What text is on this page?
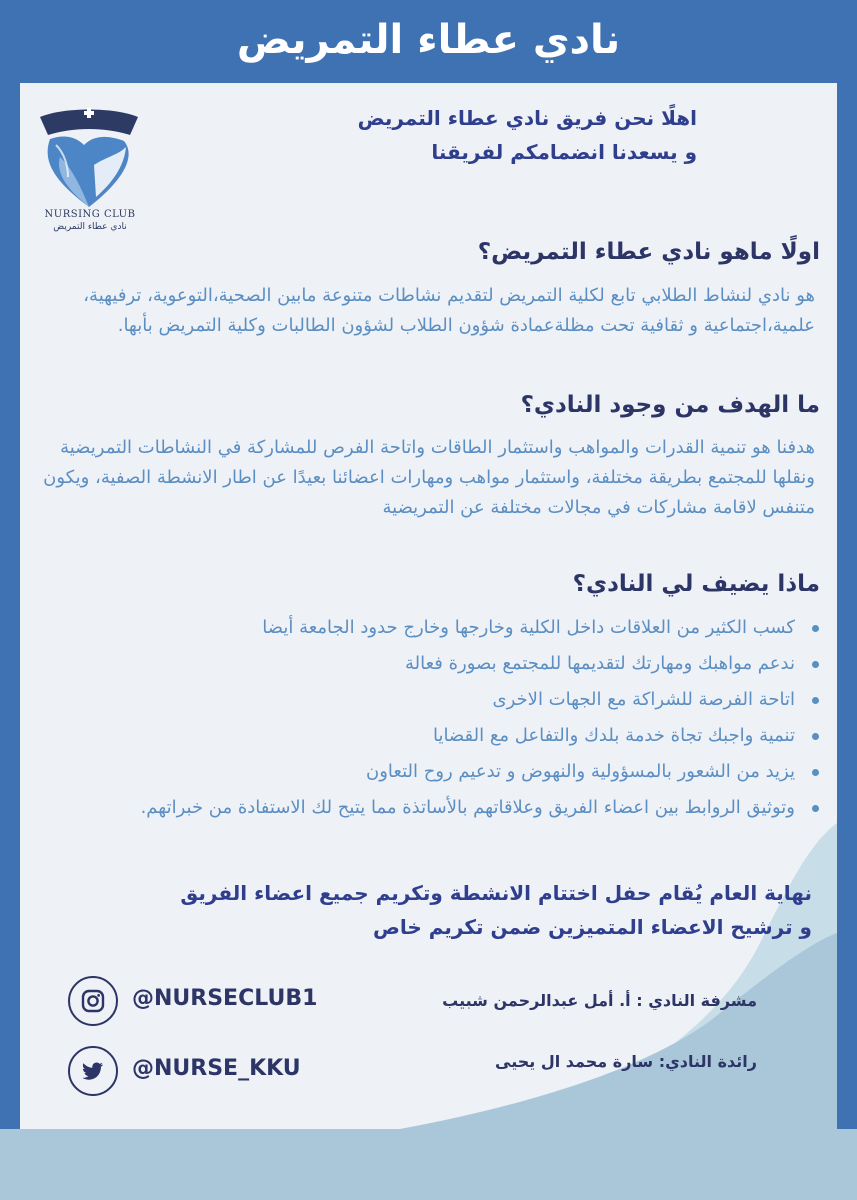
نادي عطاء التمريض
NURSING CLUB
نادي عطاء التمريض
اهلًا نحن فريق نادي عطاء التمريض
و يسعدنا انضمامكم لفريقنا
اولًا ماهو نادي عطاء التمريض؟
هو نادي لنشاط الطلابي تابع لكلية التمريض لتقديم نشاطات متنوعة مابين الصحية،التوعوية، ترفيهية، علمية،اجتماعية و ثقافية تحت مظلةعمادة شؤون الطلاب لشؤون الطالبات وكلية التمريض بأبها.
ما الهدف من وجود النادي؟
هدفنا هو تنمية القدرات والمواهب واستثمار الطاقات واتاحة الفرص للمشاركة في النشاطات التمريضية ونقلها للمجتمع بطريقة مختلفة، واستثمار مواهب ومهارات اعضائنا بعيدًا عن اطار الانشطة الصفية، ويكون متنفس لاقامة مشاركات في مجالات مختلفة عن التمريضية
ماذا يضيف لي النادي؟
كسب الكثير من العلاقات داخل الكلية وخارجها وخارج حدود الجامعة أيضا
ندعم مواهبك ومهارتك لتقديمها للمجتمع بصورة فعالة
اتاحة الفرصة للشراكة مع الجهات الاخرى
تنمية واجبك تجاة خدمة بلدك والتفاعل مع القضايا
يزيد من الشعور بالمسؤولية والنهوض و تدعيم روح التعاون
وتوثيق الروابط بين اعضاء الفريق وعلاقاتهم بالأساتذة مما يتيح لك الاستفادة من خبراتهم.
نهاية العام يُقام حفل اختتام الانشطة وتكريم جميع اعضاء الفريق
و ترشيح الاعضاء المتميزين ضمن تكريم خاص
@NURSECLUB1
@NURSE_KKU
مشرفة النادي : أ. أمل عبدالرحمن شبيب
رائدة النادي: سارة محمد ال يحيى
